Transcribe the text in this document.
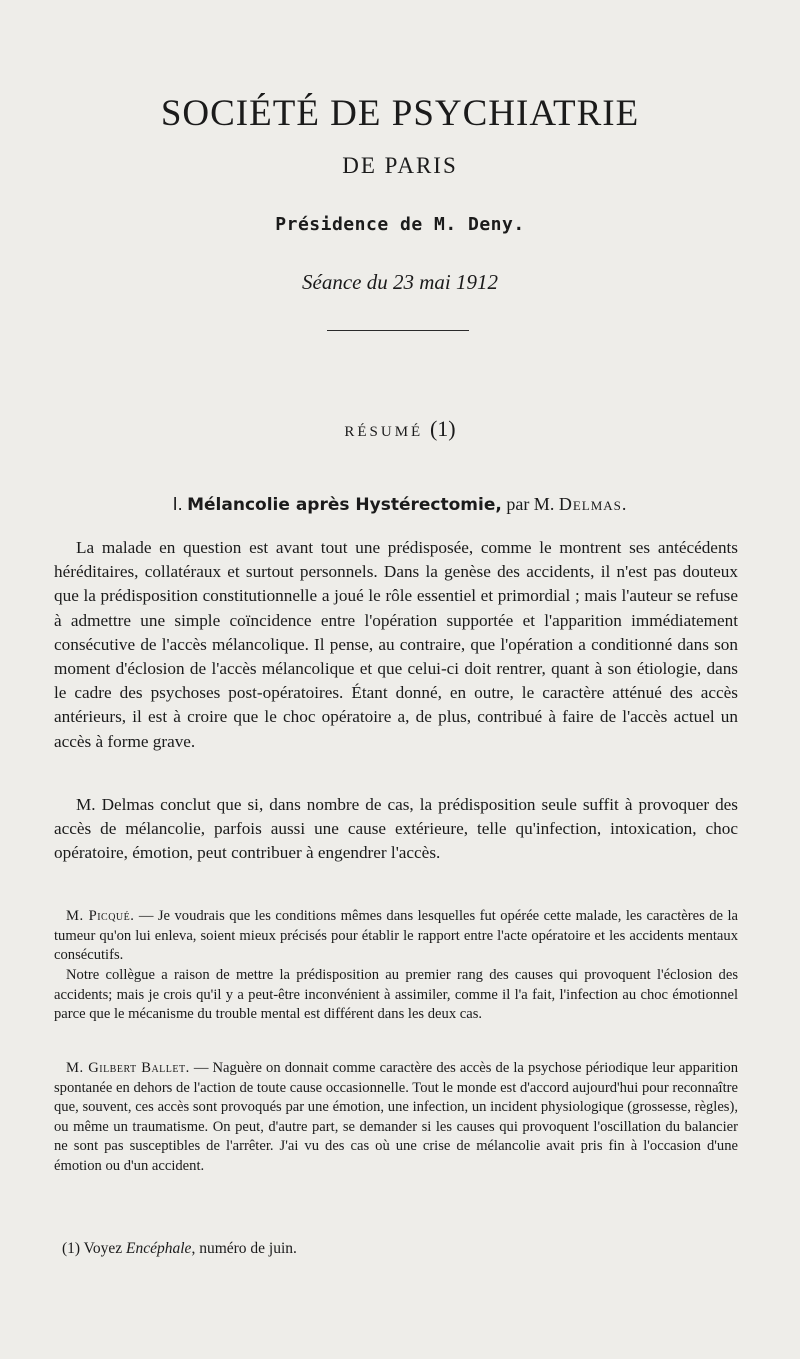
SOCIÉTÉ DE PSYCHIATRIE
DE PARIS
Présidence de M. Deny.
Séance du 23 mai 1912
RÉSUMÉ (1)
I. Mélancolie après Hystérectomie, par M. Delmas.

La malade en question est avant tout une prédisposée, comme le montrent ses antécédents héréditaires, collatéraux et surtout personnels. Dans la genèse des accidents, il n'est pas douteux que la prédisposition constitutionnelle a joué le rôle essentiel et primordial ; mais l'auteur se refuse à admettre une simple coïncidence entre l'opération supportée et l'apparition immédiatement consécutive de l'accès mélancolique. Il pense, au contraire, que l'opération a conditionné dans son moment d'éclosion de l'accès mélancolique et que celui-ci doit rentrer, quant à son étiologie, dans le cadre des psychoses post-opératoires. Étant donné, en outre, le caractère atténué des accès antérieurs, il est à croire que le choc opératoire a, de plus, contribué à faire de l'accès actuel un accès à forme grave.

M. Delmas conclut que si, dans nombre de cas, la prédisposition seule suffit à provoquer des accès de mélancolie, parfois aussi une cause extérieure, telle qu'infection, intoxication, choc opératoire, émotion, peut contribuer à engendrer l'accès.

M. Picqué. — Je voudrais que les conditions mêmes dans lesquelles fut opérée cette malade, les caractères de la tumeur qu'on lui enleva, soient mieux précisés pour établir le rapport entre l'acte opératoire et les accidents mentaux consécutifs.

Notre collègue a raison de mettre la prédisposition au premier rang des causes qui provoquent l'éclosion des accidents; mais je crois qu'il y a peut-être inconvénient à assimiler, comme il l'a fait, l'infection au choc émotionnel parce que le mécanisme du trouble mental est différent dans les deux cas.

M. Gilbert Ballet. — Naguère on donnait comme caractère des accès de la psychose périodique leur apparition spontanée en dehors de l'action de toute cause occasionnelle. Tout le monde est d'accord aujourd'hui pour reconnaître que, souvent, ces accès sont provoqués par une émotion, une infection, un incident physiologique (grossesse, règles), ou même un traumatisme. On peut, d'autre part, se demander si les causes qui provoquent l'oscillation du balancier ne sont pas susceptibles de l'arrêter. J'ai vu des cas où une crise de mélancolie avait pris fin à l'occasion d'une émotion ou d'un accident.

(1) Voyez Encéphale, numéro de juin.
